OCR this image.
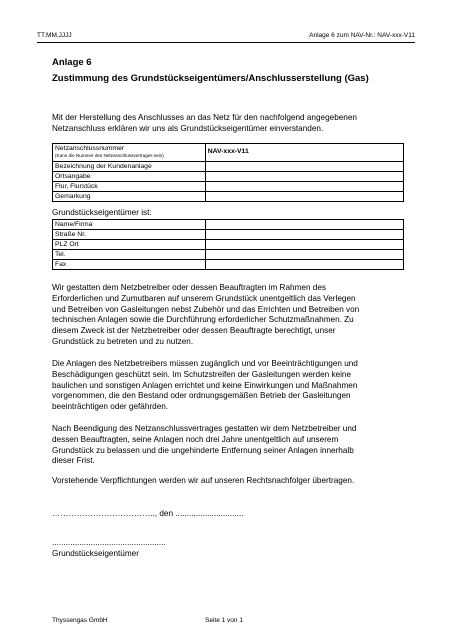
TT.MM.JJJJ	Anlage 6 zum NAV-Nr.: NAV-xxx-V11
Anlage 6
Zustimmung des Grundstückseigentümers/Anschlusserstellung (Gas)
Mit der Herstellung des Anschlusses an das Netz für den nachfolgend angegebenen
Netzanschluss erklären wir uns als Grundstückseigentümer einverstanden.
Netzanschlussnummer
(Kann die Nummer des Netzanschlussvertrages sein)	NAV-xxx-V11
Bezeichnung der Kundenanlage	
Ortsangabe	
Flur, Flurstück	
Gemarkung	
Grundstückseigentümer ist:
Name/Firma	
Straße Nr.	
PLZ Ort	
Tel.	
Fax	
Wir gestatten dem Netzbetreiber oder dessen Beauftragten im Rahmen des
Erforderlichen und Zumutbaren auf unserem Grundstück unentgeltlich das Verlegen
und Betreiben von Gasleitungen nebst Zubehör und das Errichten und Betreiben von
technischen Anlagen sowie die Durchführung erforderlicher Schutzmaßnahmen. Zu
diesem Zweck ist der Netzbetreiber oder dessen Beauftragte berechtigt, unser
Grundstück zu betreten und zu nutzen.
Die Anlagen des Netzbetreibers müssen zugänglich und vor Beeinträchtigungen und
Beschädigungen geschützt sein. Im Schutzstreifen der Gasleitungen werden keine
baulichen und sonstigen Anlagen errichtet und keine Einwirkungen und Maßnahmen
vorgenommen, die den Bestand oder ordnungsgemäßen Betrieb der Gasleitungen
beeinträchtigen oder gefährden.
Nach Beendigung des Netzanschlussvertrages gestatten wir dem Netzbetreiber und
dessen Beauftragten, seine Anlagen noch drei Jahre unentgeltlich auf unserem
Grundstück zu belassen und die ungehinderte Entfernung seiner Anlagen innerhalb
dieser Frist.
Vorstehende Verpflichtungen werden wir auf unseren Rechtsnachfolger übertragen.
……………………………….., den ..............................
..................................................
Grundstückseigentümer
Thyssengas GmbH	Seite 1 von 1
